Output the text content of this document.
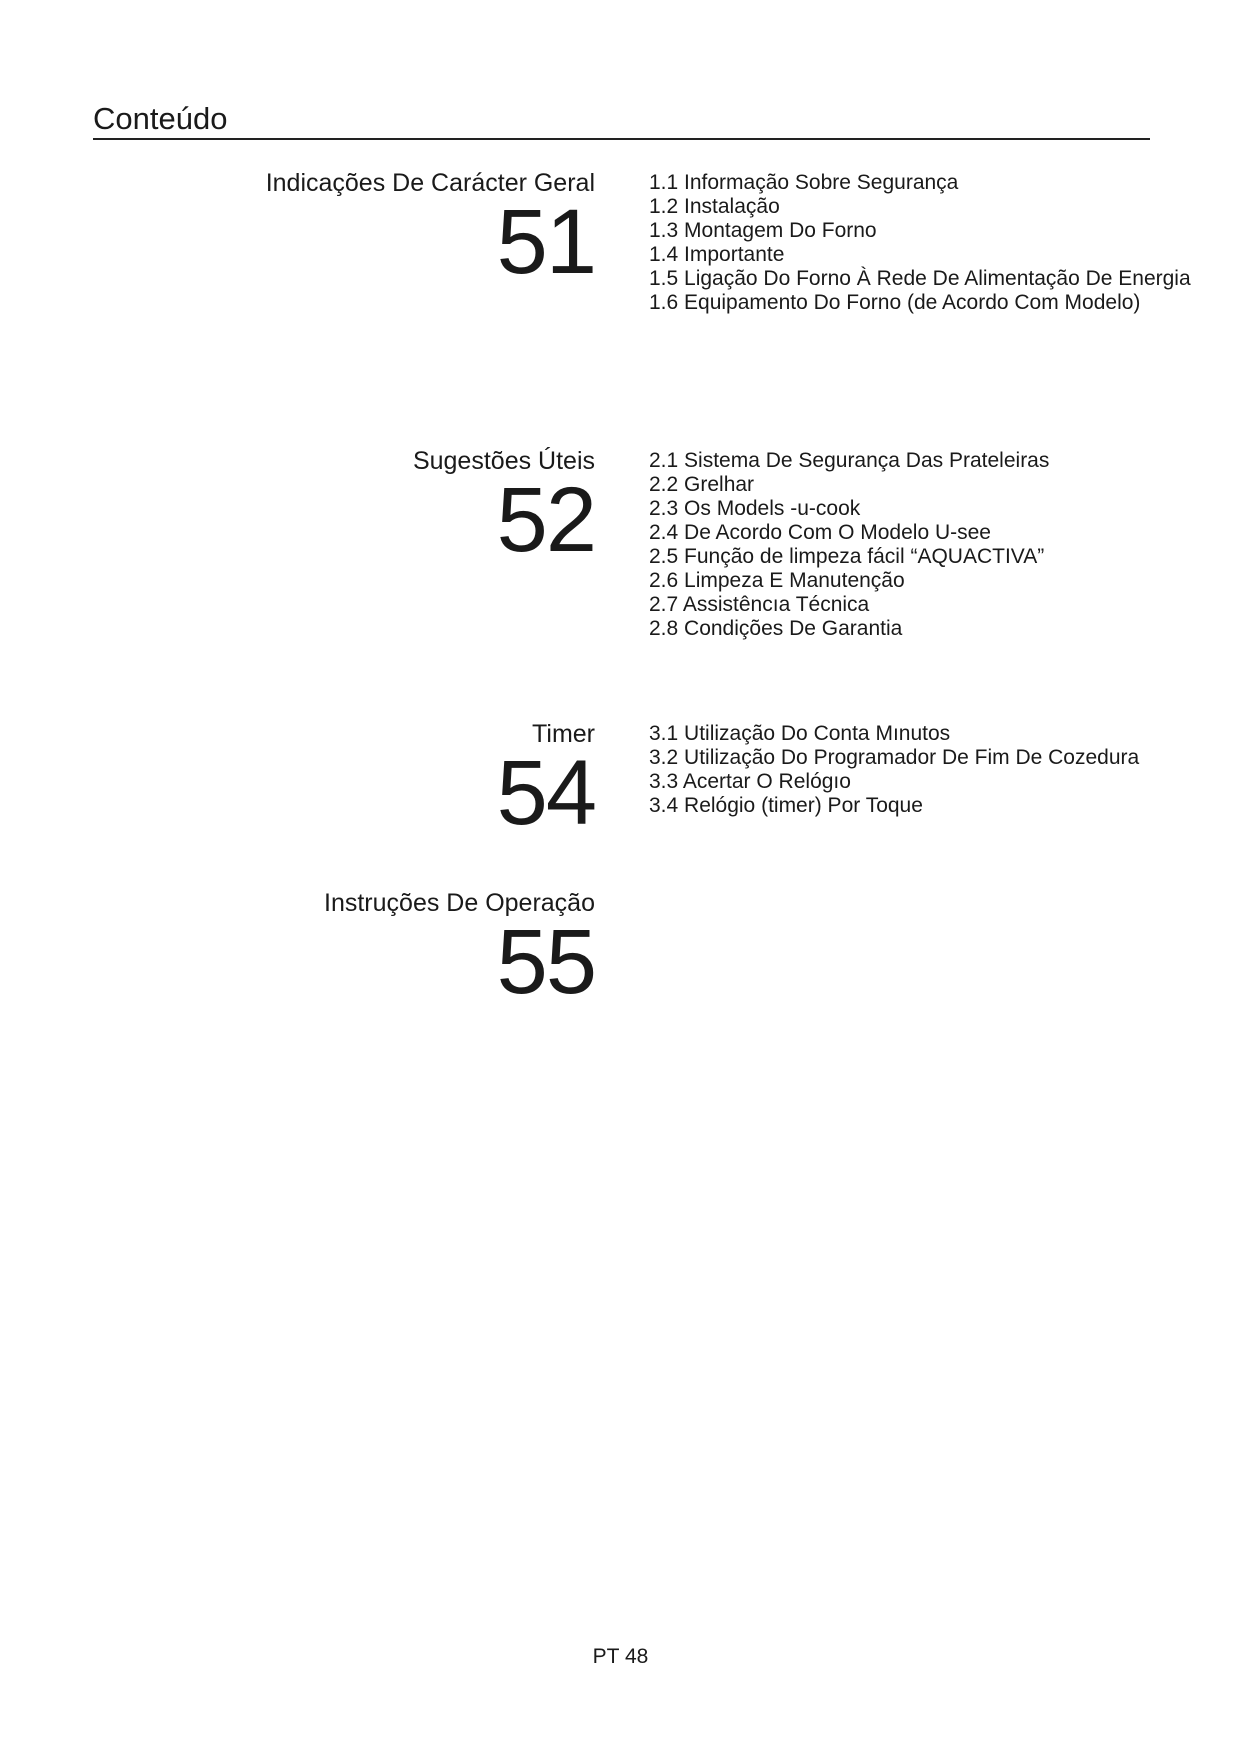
Conteúdo
Indicações De Carácter Geral
51
1.1 Informação Sobre Segurança
1.2 Instalação
1.3 Montagem Do Forno
1.4 Importante
1.5 Ligação Do Forno À Rede De Alimentação De Energia
1.6 Equipamento Do Forno (de Acordo Com Modelo)
Sugestões Úteis
52
2.1 Sistema De Segurança Das Prateleiras
2.2 Grelhar
2.3 Os Models -u-cook
2.4 De Acordo Com O Modelo U-see
2.5 Função de limpeza fácil “AQUACTIVA”
2.6 Limpeza E Manutenção
2.7 Assistêncıa Técnica
2.8 Condições De Garantia
Timer
54
3.1 Utilização Do Conta Mınutos
3.2 Utilização Do Programador De Fim De Cozedura
3.3 Acertar O Relógıo
3.4 Relógio (timer) Por Toque
Instruções De Operação
55
PT 48
